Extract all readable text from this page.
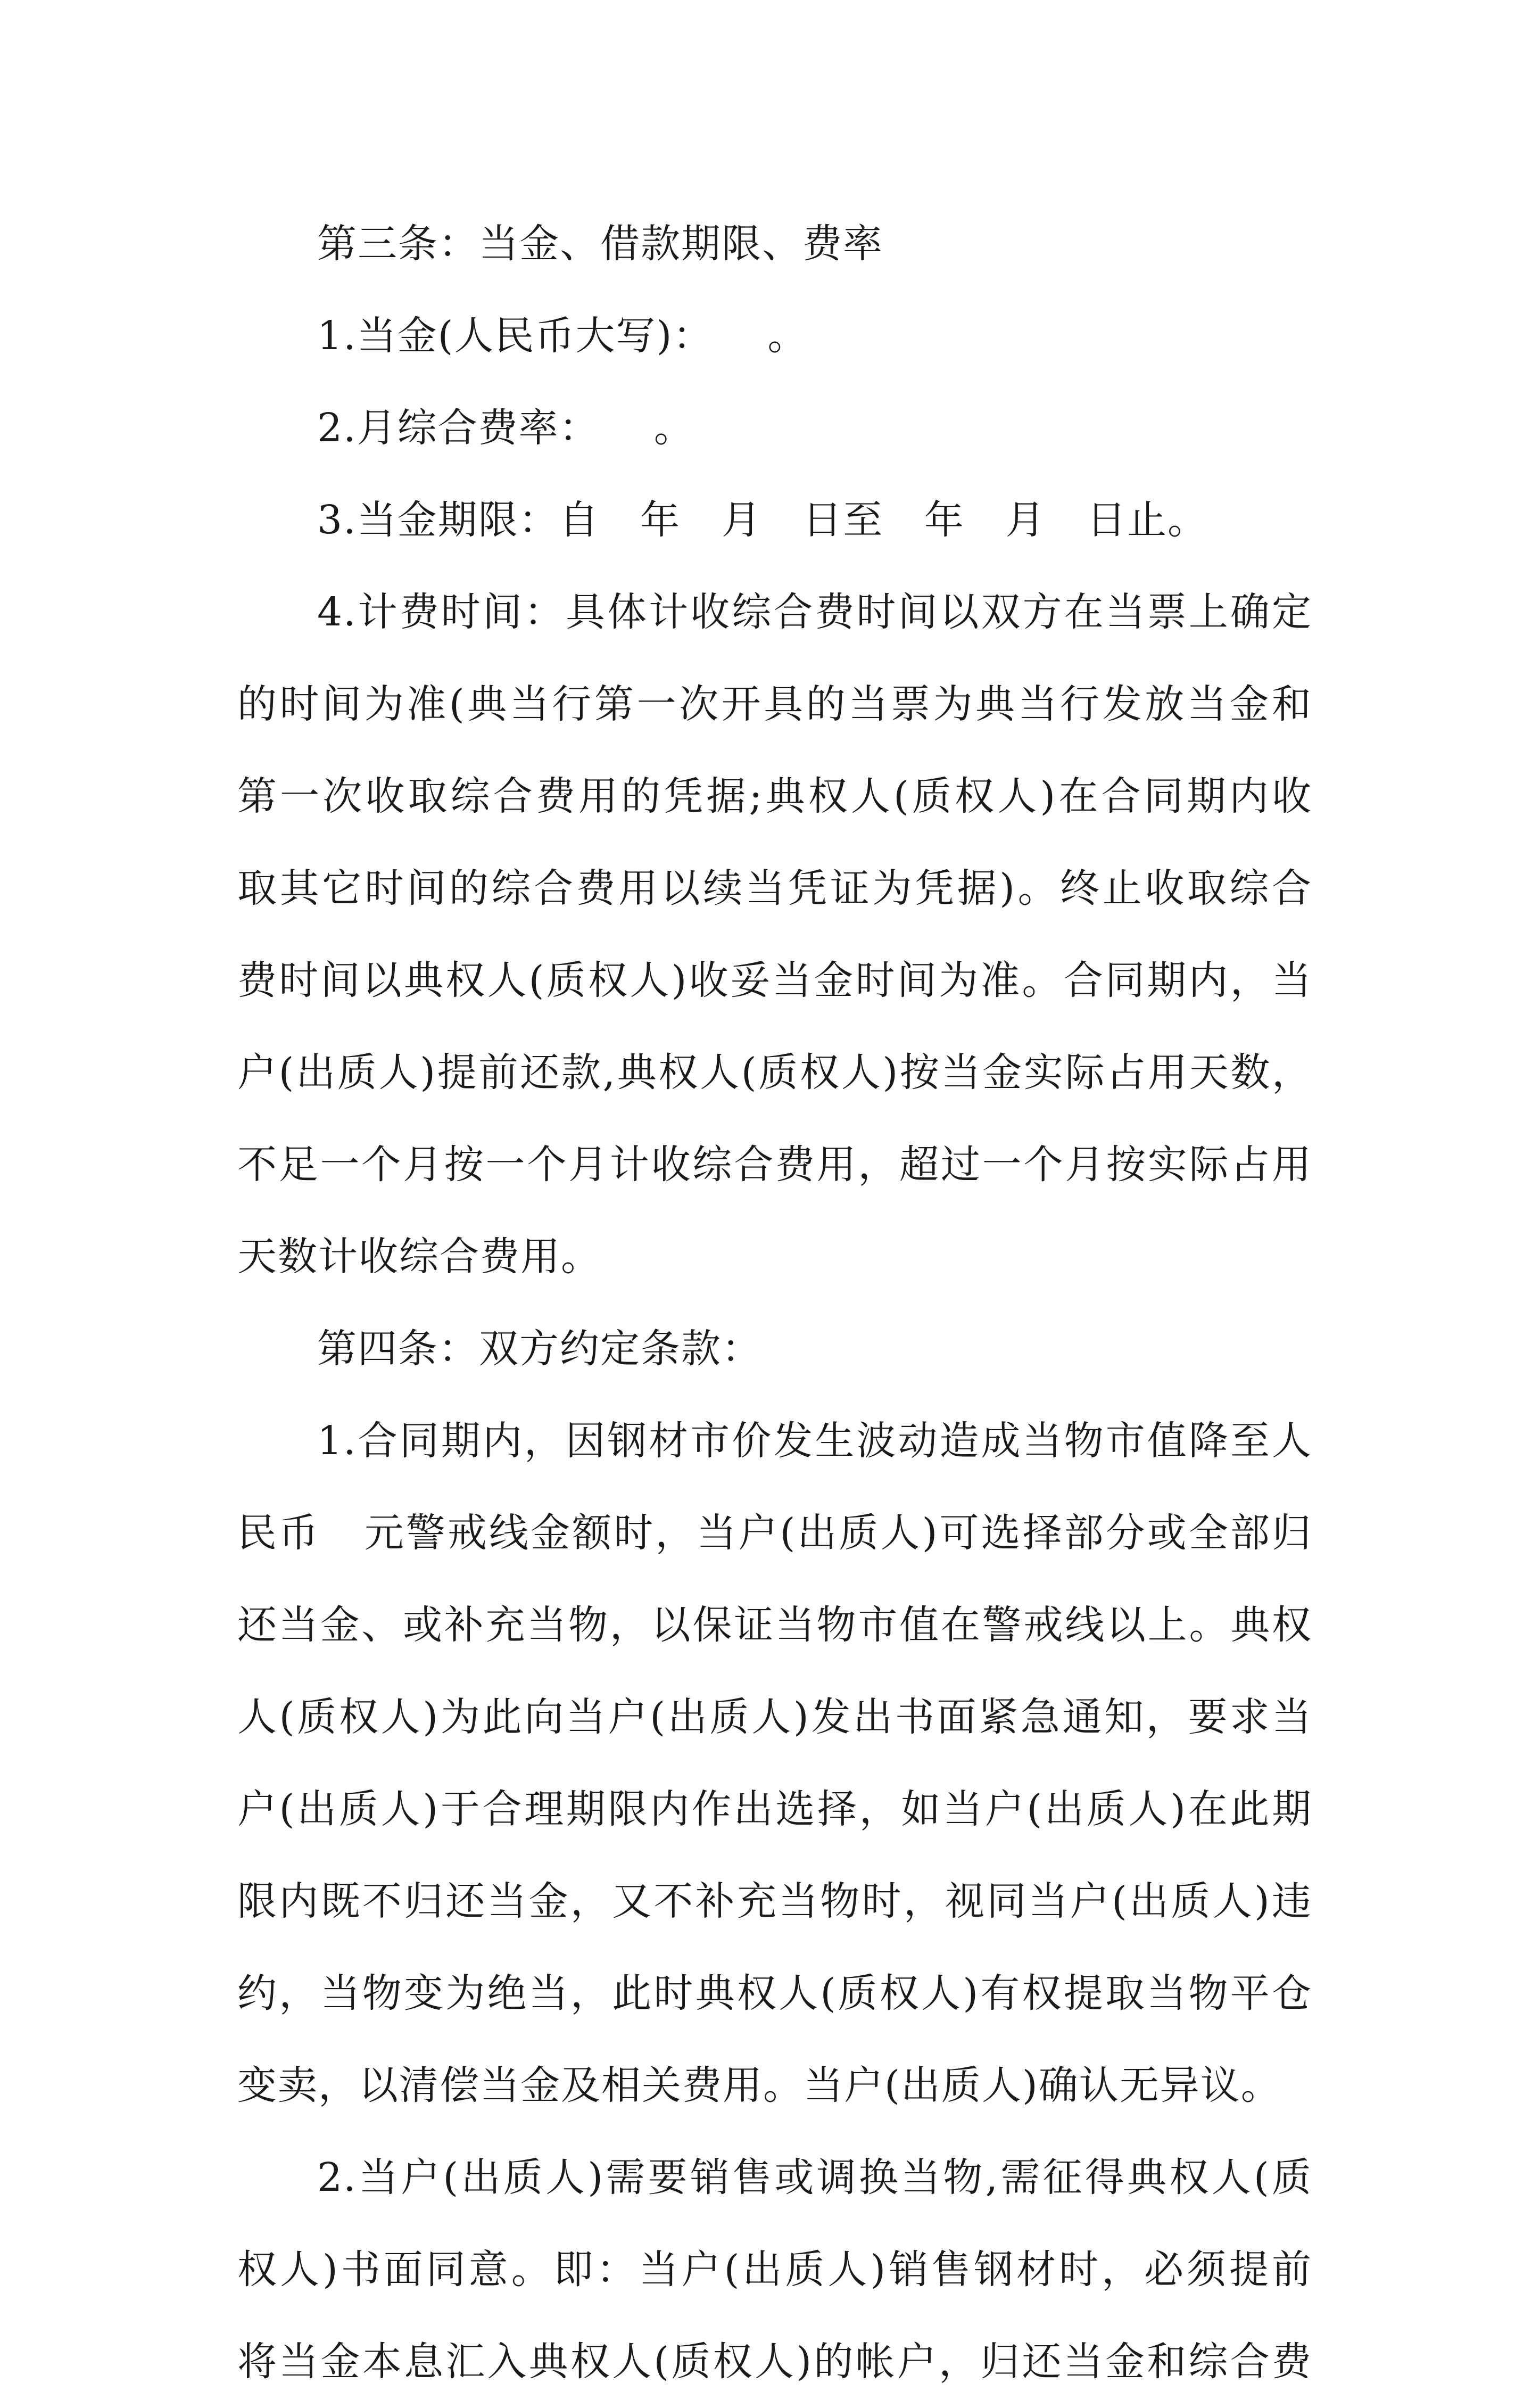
第三条：当金、借款期限、费率
1.当金(人民币大写)：    。
2.月综合费率：    。
3.当金期限：自   年   月   日至   年   月   日止。
4.计费时间：具体计收综合费时间以双方在当票上确定
的时间为准(典当行第一次开具的当票为典当行发放当金和
第一次收取综合费用的凭据;典权人(质权人)在合同期内收
取其它时间的综合费用以续当凭证为凭据)。终止收取综合
费时间以典权人(质权人)收妥当金时间为准。合同期内，当
户(出质人)提前还款,典权人(质权人)按当金实际占用天数，
不足一个月按一个月计收综合费用，超过一个月按实际占用
天数计收综合费用。
第四条：双方约定条款：
1.合同期内，因钢材市价发生波动造成当物市值降至人
民币   元警戒线金额时，当户(出质人)可选择部分或全部归
还当金、或补充当物，以保证当物市值在警戒线以上。典权
人(质权人)为此向当户(出质人)发出书面紧急通知，要求当
户(出质人)于合理期限内作出选择，如当户(出质人)在此期
限内既不归还当金，又不补充当物时，视同当户(出质人)违
约，当物变为绝当，此时典权人(质权人)有权提取当物平仓
变卖，以清偿当金及相关费用。当户(出质人)确认无异议。
2.当户(出质人)需要销售或调换当物,需征得典权人(质
权人)书面同意。即：当户(出质人)销售钢材时，必须提前
将当金本息汇入典权人(质权人)的帐户，归还当金和综合费
